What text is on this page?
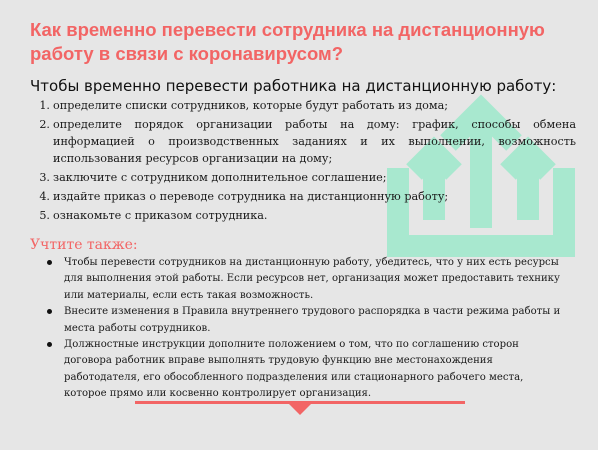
Как временно перевести сотрудника на дистанционную работу в связи с коронавирусом?

Чтобы временно перевести работника на дистанционную работу:

1. определите списки сотрудников, которые будут работать из дома;
2. определите порядок организации работы на дому: график, способы обмена информацией о производственных заданиях и их выполнении, возможность использования ресурсов организации на дому;
3. заключите с сотрудником дополнительное соглашение;
4. издайте приказ о переводе сотрудника на дистанционную работу;
5. ознакомьте с приказом сотрудника.
Учтите также:
Чтобы перевести сотрудников на дистанционную работу, убедитесь, что у них есть ресурсы для выполнения этой работы. Если ресурсов нет, организация может предоставить технику или материалы, если есть такая возможность.
Внесите изменения в Правила внутреннего трудового распорядка в части режима работы и места работы сотрудников.
Должностные инструкции дополните положением о том, что по соглашению сторон договора работник вправе выполнять трудовую функцию вне местонахождения работодателя, его обособленного подразделения или стационарного рабочего места, которое прямо или косвенно контролирует организация.
